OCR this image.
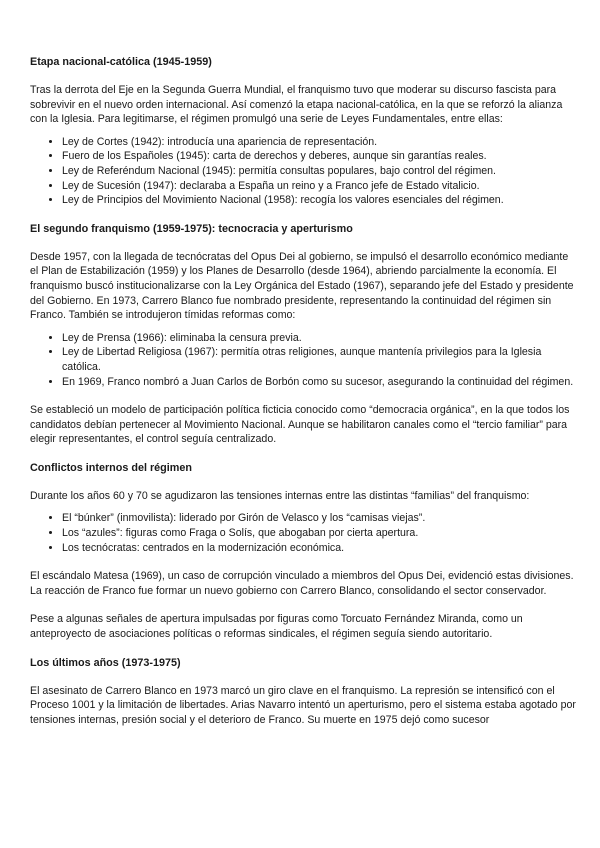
Etapa nacional-católica (1945-1959)

Tras la derrota del Eje en la Segunda Guerra Mundial, el franquismo tuvo que moderar su discurso fascista para sobrevivir en el nuevo orden internacional. Así comenzó la etapa nacional-católica, en la que se reforzó la alianza con la Iglesia. Para legitimarse, el régimen promulgó una serie de Leyes Fundamentales, entre ellas:

• Ley de Cortes (1942): introducía una apariencia de representación.
• Fuero de los Españoles (1945): carta de derechos y deberes, aunque sin garantías reales.
• Ley de Referéndum Nacional (1945): permitía consultas populares, bajo control del régimen.
• Ley de Sucesión (1947): declaraba a España un reino y a Franco jefe de Estado vitalicio.
• Ley de Principios del Movimiento Nacional (1958): recogía los valores esenciales del régimen.
El segundo franquismo (1959-1975): tecnocracia y aperturismo

Desde 1957, con la llegada de tecnócratas del Opus Dei al gobierno, se impulsó el desarrollo económico mediante el Plan de Estabilización (1959) y los Planes de Desarrollo (desde 1964), abriendo parcialmente la economía. El franquismo buscó institucionalizarse con la Ley Orgánica del Estado (1967), separando jefe del Estado y presidente del Gobierno. En 1973, Carrero Blanco fue nombrado presidente, representando la continuidad del régimen sin Franco. También se introdujeron tímidas reformas como:

• Ley de Prensa (1966): eliminaba la censura previa.
• Ley de Libertad Religiosa (1967): permitía otras religiones, aunque mantenía privilegios para la Iglesia católica.
• En 1969, Franco nombró a Juan Carlos de Borbón como su sucesor, asegurando la continuidad del régimen.

Se estableció un modelo de participación política ficticia conocido como “democracia orgánica”, en la que todos los candidatos debían pertenecer al Movimiento Nacional. Aunque se habilitaron canales como el “tercio familiar” para elegir representantes, el control seguía centralizado.

Conflictos internos del régimen

Durante los años 60 y 70 se agudizaron las tensiones internas entre las distintas “familias” del franquismo:

• El “búnker” (inmovilista): liderado por Girón de Velasco y los “camisas viejas”.
• Los “azules”: figuras como Fraga o Solís, que abogaban por cierta apertura.
• Los tecnócratas: centrados en la modernización económica.

El escándalo Matesa (1969), un caso de corrupción vinculado a miembros del Opus Dei, evidenció estas divisiones. La reacción de Franco fue formar un nuevo gobierno con Carrero Blanco, consolidando el sector conservador.

Pese a algunas señales de apertura impulsadas por figuras como Torcuato Fernández Miranda, como un anteproyecto de asociaciones políticas o reformas sindicales, el régimen seguía siendo autoritario.

Los últimos años (1973-1975)

El asesinato de Carrero Blanco en 1973 marcó un giro clave en el franquismo. La represión se intensificó con el Proceso 1001 y la limitación de libertades. Arias Navarro intentó un aperturismo, pero el sistema estaba agotado por tensiones internas, presión social y el deterioro de Franco. Su muerte en 1975 dejó como sucesor
